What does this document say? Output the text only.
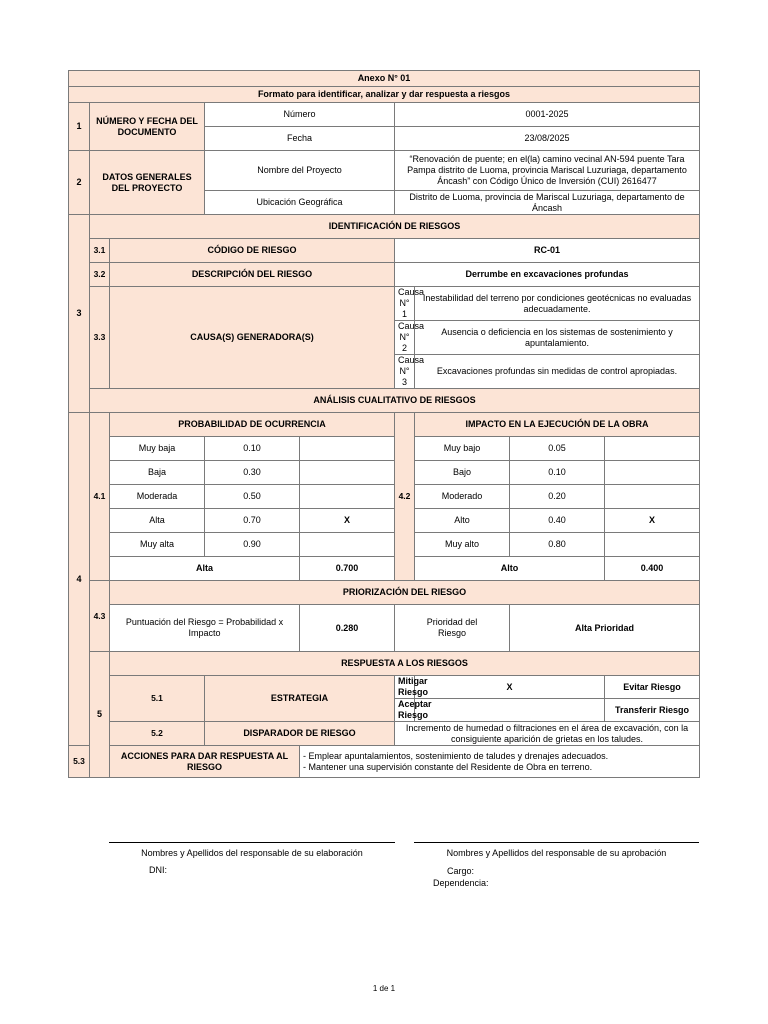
Anexo N° 01									
Formato para identificar, analizar y dar respuesta a riesgos									
1	NÚMERO Y FECHA DEL DOCUMENTO		Número		0001-2025				
			Fecha		23/08/2025				
2	DATOS GENERALES DEL PROYECTO		Nombre del Proyecto		“Renovación de puente; en el(la) camino vecinal AN-594 puente Tara Pampa distrito de Luoma, provincia Mariscal Luzuriaga, departamento Áncash” con Código Único de Inversión (CUI) 2616477				
			Ubicación Geográfica		Distrito de Luoma, provincia de Mariscal Luzuriaga, departamento de Áncash				
3	IDENTIFICACIÓN DE RIESGOS								
	3.1	CÓDIGO DE RIESGO			RC-01				
	3.2	DESCRIPCIÓN DEL RIESGO			Derrumbe en excavaciones profundas				
	3.3	CAUSA(S) GENERADORA(S)			Causa N° 1	Inestabilidad del terreno por condiciones geotécnicas no evaluadas adecuadamente.			
					Causa N° 2	Ausencia o deficiencia en los sistemas de sostenimiento y apuntalamiento.			
					Causa N° 3	Excavaciones profundas sin medidas de control apropiadas.			
	ANÁLISIS CUALITATIVO DE RIESGOS								
4	4.1	PROBABILIDAD DE OCURRENCIA			4.2	IMPACTO EN LA EJECUCIÓN DE LA OBRA			
		Muy baja	0.10			Muy bajo	0.05		
		Baja	0.30			Bajo	0.10		
		Moderada	0.50			Moderado	0.20		
		Alta	0.70	X		Alto	0.40	X	
		Muy alta	0.90			Muy alto	0.80		
		Alta		0.700		Alto		0.400	
	4.3	PRIORIZACIÓN DEL RIESGO							
		Puntuación del Riesgo = Probabilidad x Impacto		0.280	Prioridad del Riesgo		Alta Prioridad		
	5	RESPUESTA A LOS RIESGOS							
		5.1	ESTRATEGIA		Mitigar Riesgo	X		Evitar Riesgo	
					Aceptar Riesgo			Transferir Riesgo	
		5.2	DISPARADOR DE RIESGO		Incremento de humedad o filtraciones en el área de excavación, con la consiguiente aparición de grietas en los taludes.				
5.3		ACCIONES PARA DAR RESPUESTA AL RIESGO		- Emplear apuntalamientos, sostenimiento de taludes y drenajes adecuados.
- Mantener una supervisión constante del Residente de Obra en terreno.					
Nombres y Apellidos del responsable de su elaboración
DNI:
Nombres y Apellidos del responsable de su aprobación
Cargo:
Dependencia:
1 de 1
